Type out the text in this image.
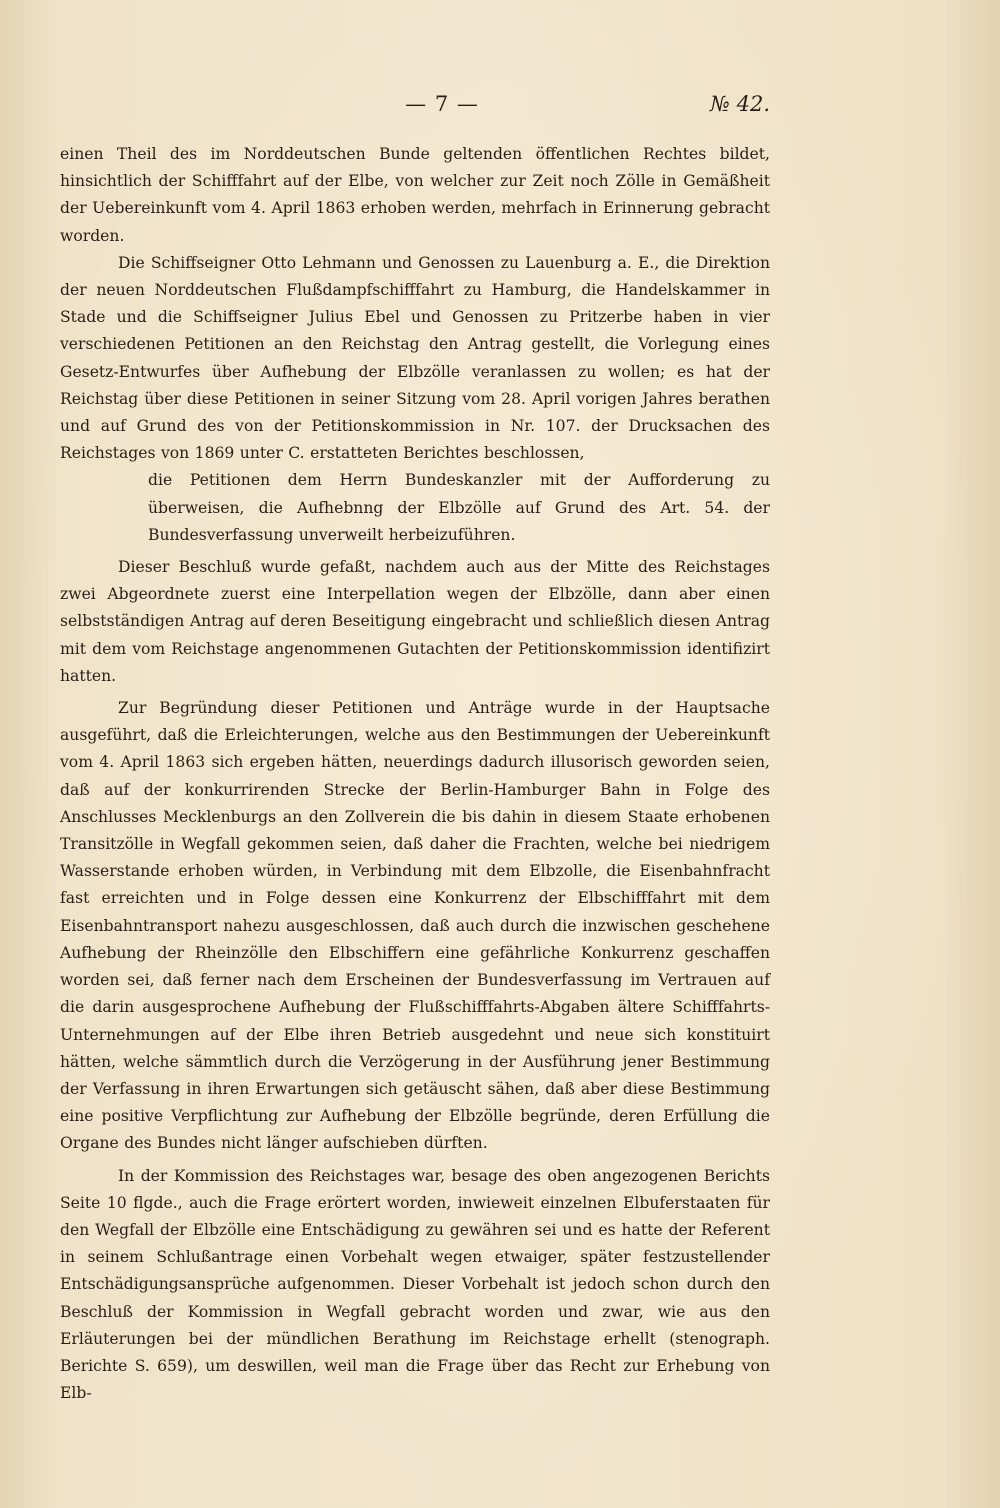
— 7 —	№ 42.

einen Theil des im Norddeutschen Bunde geltenden öffentlichen Rechtes bildet, hinsichtlich der Schifffahrt auf der Elbe, von welcher zur Zeit noch Zölle in Gemäßheit der Uebereinkunft vom 4. April 1863 erhoben werden, mehrfach in Erinnerung gebracht worden.

Die Schiffseigner Otto Lehmann und Genossen zu Lauenburg a. E., die Direktion der neuen Norddeutschen Flußdampfschifffahrt zu Hamburg, die Handelskammer in Stade und die Schiffseigner Julius Ebel und Genossen zu Pritzerbe haben in vier verschiedenen Petitionen an den Reichstag den Antrag gestellt, die Vorlegung eines Gesetz-Entwurfes über Aufhebung der Elbzölle veranlassen zu wollen; es hat der Reichstag über diese Petitionen in seiner Sitzung vom 28. April vorigen Jahres berathen und auf Grund des von der Petitionskommission in Nr. 107. der Drucksachen des Reichstages von 1869 unter C. erstatteten Berichtes beschlossen,

die Petitionen dem Herrn Bundeskanzler mit der Aufforderung zu überweisen, die Aufhebnng der Elbzölle auf Grund des Art. 54. der Bundesverfassung unverweilt herbeizuführen.

Dieser Beschluß wurde gefaßt, nachdem auch aus der Mitte des Reichstages zwei Abgeordnete zuerst eine Interpellation wegen der Elbzölle, dann aber einen selbstständigen Antrag auf deren Beseitigung eingebracht und schließlich diesen Antrag mit dem vom Reichstage angenommenen Gutachten der Petitionskommission identifizirt hatten.

Zur Begründung dieser Petitionen und Anträge wurde in der Hauptsache ausgeführt, daß die Erleichterungen, welche aus den Bestimmungen der Uebereinkunft vom 4. April 1863 sich ergeben hätten, neuerdings dadurch illusorisch geworden seien, daß auf der konkurrirenden Strecke der Berlin-Hamburger Bahn in Folge des Anschlusses Mecklenburgs an den Zollverein die bis dahin in diesem Staate erhobenen Transitzölle in Wegfall gekommen seien, daß daher die Frachten, welche bei niedrigem Wasserstande erhoben würden, in Verbindung mit dem Elbzolle, die Eisenbahnfracht fast erreichten und in Folge dessen eine Konkurrenz der Elbschifffahrt mit dem Eisenbahntransport nahezu ausgeschlossen, daß auch durch die inzwischen geschehene Aufhebung der Rheinzölle den Elbschiffern eine gefährliche Konkurrenz geschaffen worden sei, daß ferner nach dem Erscheinen der Bundesverfassung im Vertrauen auf die darin ausgesprochene Aufhebung der Flußschifffahrts-Abgaben ältere Schifffahrts-Unternehmungen auf der Elbe ihren Betrieb ausgedehnt und neue sich konstituirt hätten, welche sämmtlich durch die Verzögerung in der Ausführung jener Bestimmung der Verfassung in ihren Erwartungen sich getäuscht sähen, daß aber diese Bestimmung eine positive Verpflichtung zur Aufhebung der Elbzölle begründe, deren Erfüllung die Organe des Bundes nicht länger aufschieben dürften.

In der Kommission des Reichstages war, besage des oben angezogenen Berichts Seite 10 flgde., auch die Frage erörtert worden, inwieweit einzelnen Elbuferstaaten für den Wegfall der Elbzölle eine Entschädigung zu gewähren sei und es hatte der Referent in seinem Schlußantrage einen Vorbehalt wegen etwaiger, später festzustellender Entschädigungsansprüche aufgenommen. Dieser Vorbehalt ist jedoch schon durch den Beschluß der Kommission in Wegfall gebracht worden und zwar, wie aus den Erläuterungen bei der mündlichen Berathung im Reichstage erhellt (stenograph. Berichte S. 659), um deswillen, weil man die Frage über das Recht zur Erhebung von Elb-
